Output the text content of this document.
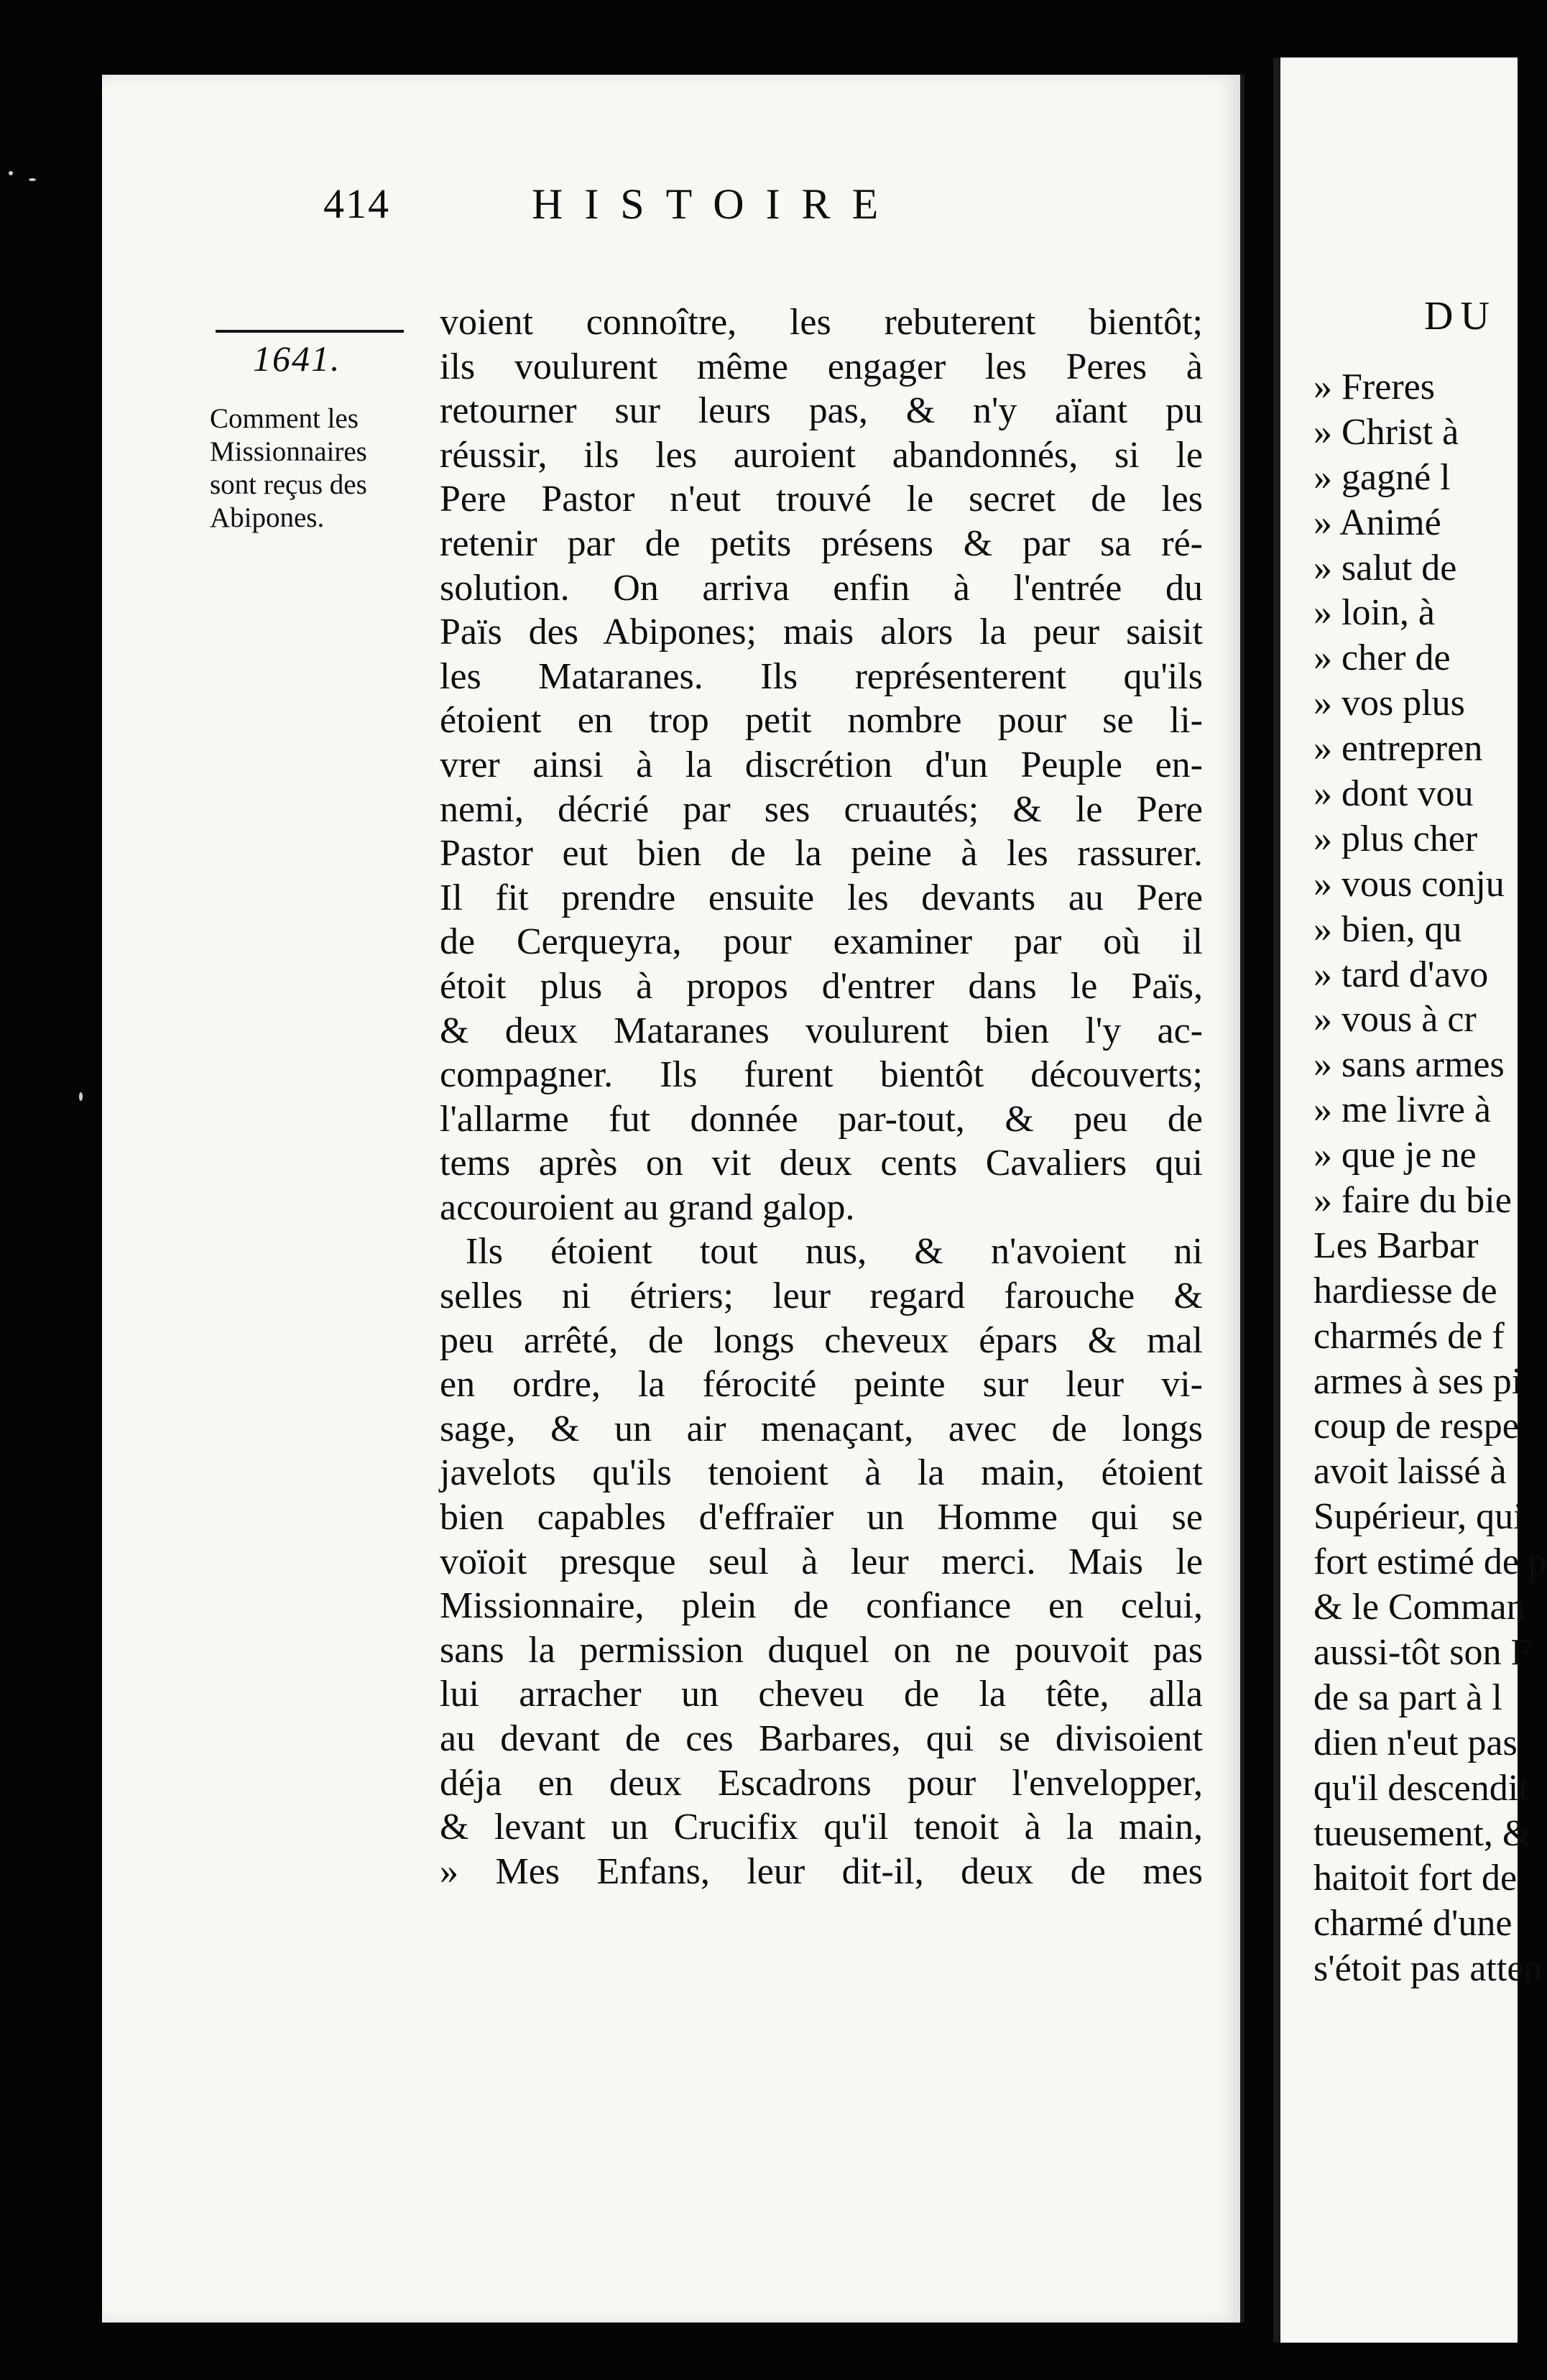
414	HISTOIRE
1641.
Comment les
Missionnaires
sont reçus des
Abipones.
voient connoître, les rebuterent bientôt;
ils voulurent même engager les Peres à
retourner sur leurs pas, & n'y aïant pu
réussir, ils les auroient abandonnés, si le
Pere Pastor n'eut trouvé le secret de les
retenir par de petits présens & par sa ré-
solution. On arriva enfin à l'entrée du
Païs des Abipones; mais alors la peur saisit
les Mataranes. Ils représenterent qu'ils
étoient en trop petit nombre pour se li-
vrer ainsi à la discrétion d'un Peuple en-
nemi, décrié par ses cruautés; & le Pere
Pastor eut bien de la peine à les rassurer.
Il fit prendre ensuite les devants au Pere
de Cerqueyra, pour examiner par où il
étoit plus à propos d'entrer dans le Païs,
& deux Mataranes voulurent bien l'y ac-
compagner. Ils furent bientôt découverts;
l'allarme fut donnée par-tout, & peu de
tems après on vit deux cents Cavaliers qui
accouroient au grand galop.
Ils étoient tout nus, & n'avoient ni
selles ni étriers; leur regard farouche &
peu arrêté, de longs cheveux épars & mal
en ordre, la férocité peinte sur leur vi-
sage, & un air menaçant, avec de longs
javelots qu'ils tenoient à la main, étoient
bien capables d'effraïer un Homme qui se
voïoit presque seul à leur merci. Mais le
Missionnaire, plein de confiance en celui,
sans la permission duquel on ne pouvoit pas
lui arracher un cheveu de la tête, alla
au devant de ces Barbares, qui se divisoient
déja en deux Escadrons pour l'envelopper,
& levant un Crucifix qu'il tenoit à la main,
» Mes Enfans, leur dit-il, deux de mes
DU
» Freres
» Christ à
» gagné l
» Animé
» salut de
» loin, à
» cher de
» vos plus
» entrepren
» dont vou
» plus cher
» vous conju
» bien, qu
» tard d'avo
» vous à cr
» sans armes
» me livre à
» que je ne
» faire du bie
Les Barbar
hardiesse de
charmés de f
armes à ses pi
coup de respe
avoit laissé à
Supérieur, qui
fort estimé de p
& le Comman
aussi-tôt son F
de sa part à l
dien n'eut pas
qu'il descendit
tueusement, &
haitoit fort de
charmé d'une
s'étoit pas atten
